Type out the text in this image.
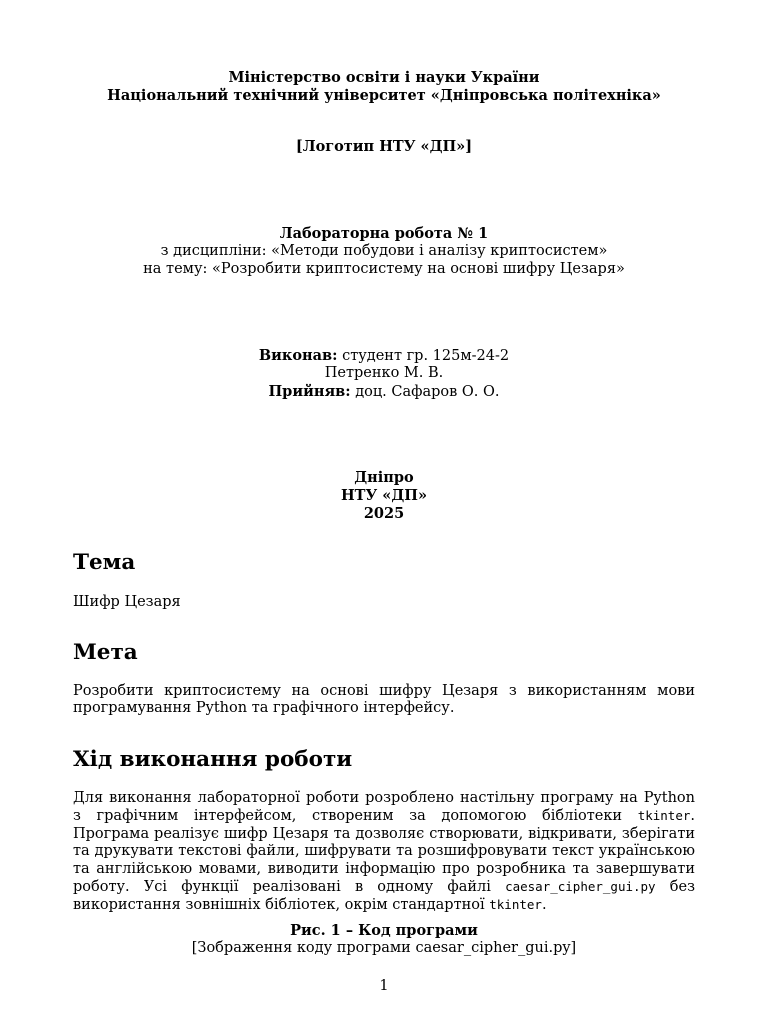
Міністерство освіти і науки України
Національний технічний університет «Дніпровська політехніка»
[Логотип НТУ «ДП»]
Лабораторна робота № 1
з дисципліни: «Методи побудови і аналізу криптосистем»
на тему: «Розробити криптосистему на основі шифру Цезаря»
Виконав: студент гр. 125м-24-2
Петренко М. В.
Прийняв: доц. Сафаров О. О.
Дніпро
НТУ «ДП»
2025
Тема
Шифр Цезаря
Мета

Розробити криптосистему на основі шифру Цезаря з використанням мови програмування Python та графічного інтерфейсу.

Хід виконання роботи

Для виконання лабораторної роботи розроблено настільну програму на Python з графічним інтерфейсом, створеним за допомогою бібліотеки tkinter. Програма реалізує шифр Цезаря та дозволяє створювати, відкривати, зберігати та друкувати текстові файли, шифрувати та розшифровувати текст українською та англійською мовами, виводити інформацію про розробника та завершувати роботу. Усі функції реалізовані в одному файлі caesar_cipher_gui.py без використання зовнішніх бібліотек, окрім стандартної tkinter.

Рис. 1 – Код програми
[Зображення коду програми caesar_cipher_gui.py]
1
